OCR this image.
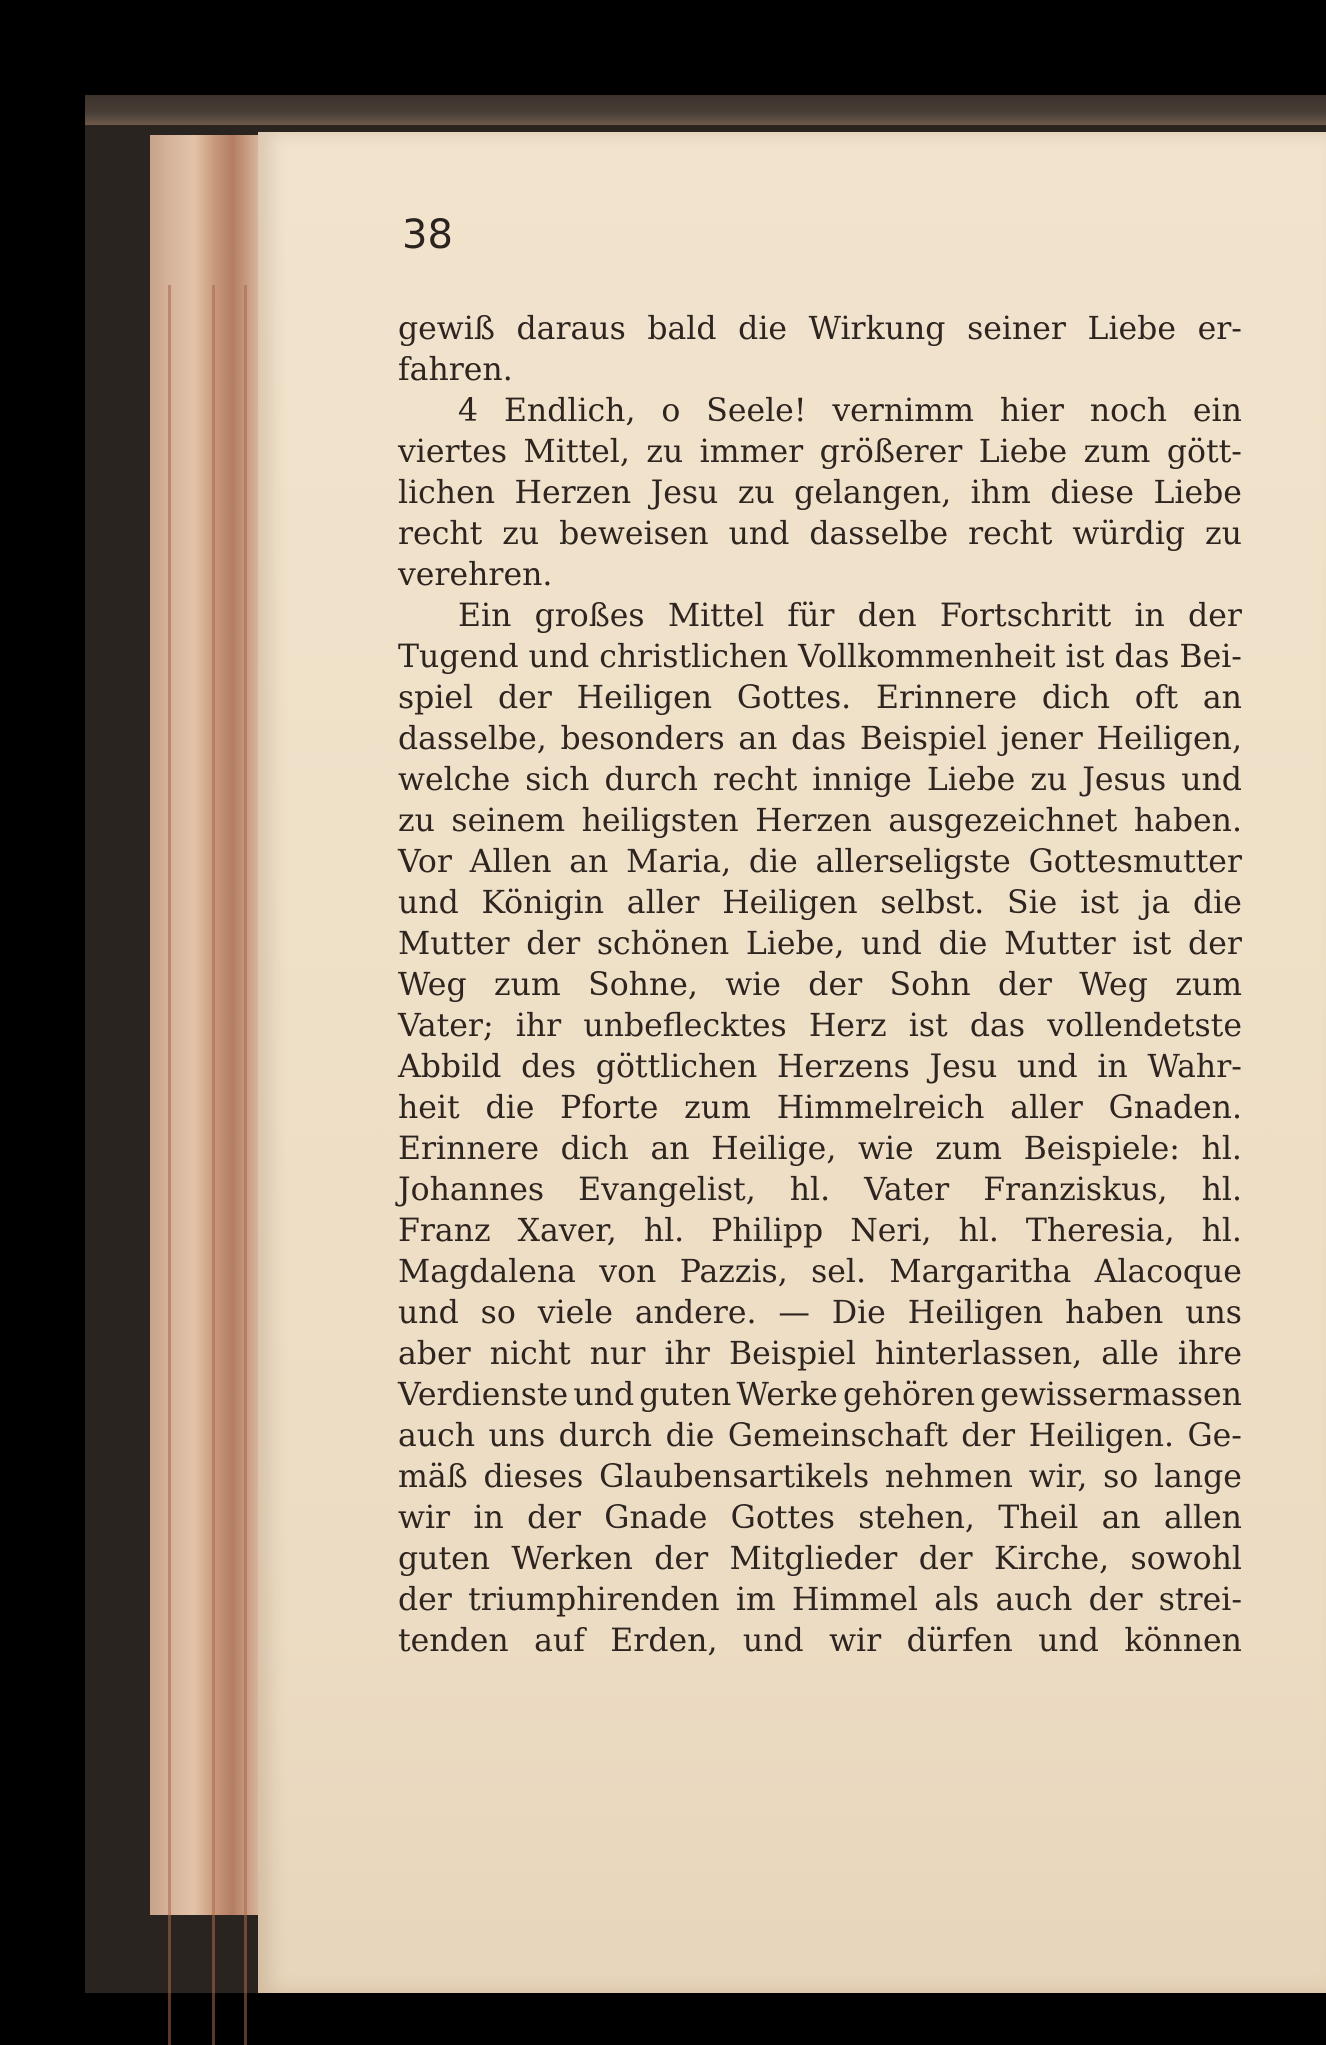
38

gewiß daraus bald die Wirkung seiner Liebe er-
fahren.
4 Endlich, o Seele! vernimm hier noch ein
viertes Mittel, zu immer größerer Liebe zum gött-
lichen Herzen Jesu zu gelangen, ihm diese Liebe
recht zu beweisen und dasselbe recht würdig zu
verehren.
Ein großes Mittel für den Fortschritt in der
Tugend und christlichen Vollkommenheit ist das Bei-
spiel der Heiligen Gottes. Erinnere dich oft an
dasselbe, besonders an das Beispiel jener Heiligen,
welche sich durch recht innige Liebe zu Jesus und
zu seinem heiligsten Herzen ausgezeichnet haben.
Vor Allen an Maria, die allerseligste Gottesmutter
und Königin aller Heiligen selbst. Sie ist ja die
Mutter der schönen Liebe, und die Mutter ist der
Weg zum Sohne, wie der Sohn der Weg zum
Vater; ihr unbeflecktes Herz ist das vollendetste
Abbild des göttlichen Herzens Jesu und in Wahr-
heit die Pforte zum Himmelreich aller Gnaden.
Erinnere dich an Heilige, wie zum Beispiele: hl.
Johannes Evangelist, hl. Vater Franziskus, hl.
Franz Xaver, hl. Philipp Neri, hl. Theresia, hl.
Magdalena von Pazzis, sel. Margaritha Alacoque
und so viele andere. — Die Heiligen haben uns
aber nicht nur ihr Beispiel hinterlassen, alle ihre
Verdienste und guten Werke gehören gewissermassen
auch uns durch die Gemeinschaft der Heiligen. Ge-
mäß dieses Glaubensartikels nehmen wir, so lange
wir in der Gnade Gottes stehen, Theil an allen
guten Werken der Mitglieder der Kirche, sowohl
der triumphirenden im Himmel als auch der strei-
tenden auf Erden, und wir dürfen und können
